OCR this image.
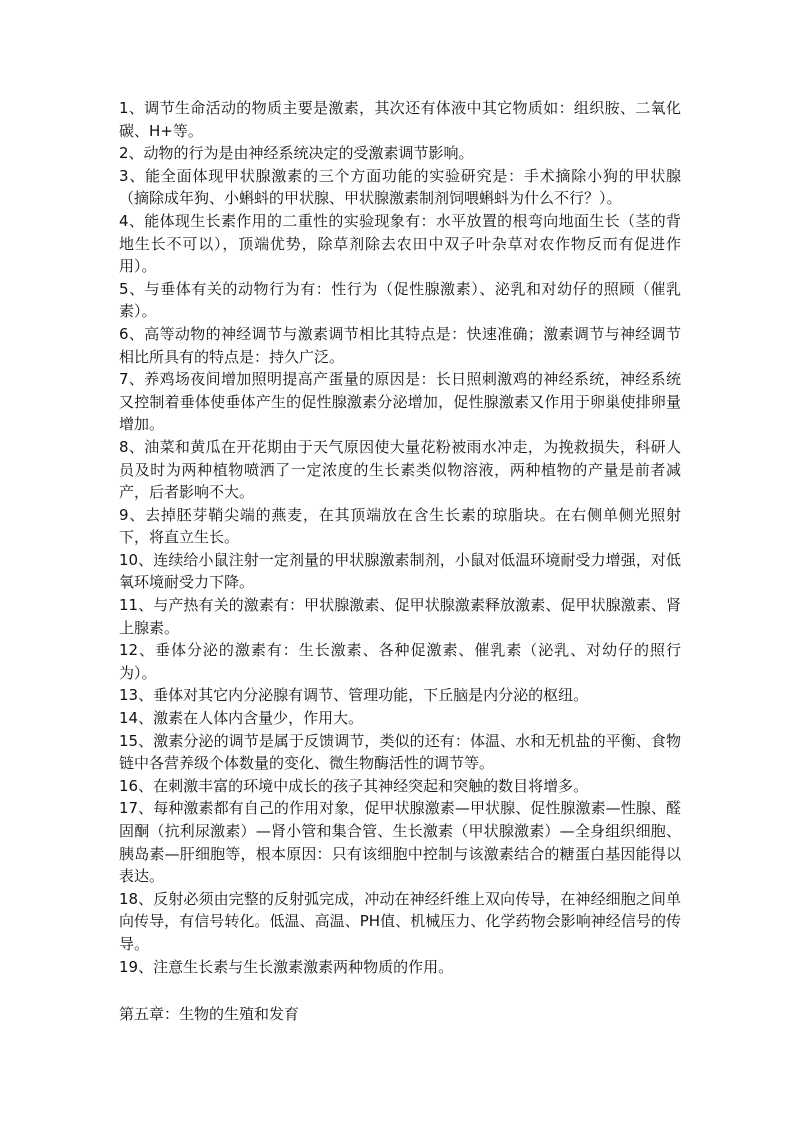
1、调节生命活动的物质主要是激素，其次还有体液中其它物质如：组织胺、二氧化碳、H+等。

2、动物的行为是由神经系统决定的受激素调节影响。

3、能全面体现甲状腺激素的三个方面功能的实验研究是：手术摘除小狗的甲状腺（摘除成年狗、小蝌蚪的甲状腺、甲状腺激素制剂饲喂蝌蚪为什么不行？）。

4、能体现生长素作用的二重性的实验现象有：水平放置的根弯向地面生长（茎的背地生长不可以），顶端优势，除草剂除去农田中双子叶杂草对农作物反而有促进作用）。

5、与垂体有关的动物行为有：性行为（促性腺激素）、泌乳和对幼仔的照顾（催乳素）。

6、高等动物的神经调节与激素调节相比其特点是：快速准确；激素调节与神经调节相比所具有的特点是：持久广泛。

7、养鸡场夜间增加照明提高产蛋量的原因是：长日照刺激鸡的神经系统，神经系统又控制着垂体使垂体产生的促性腺激素分泌增加，促性腺激素又作用于卵巢使排卵量增加。

8、油菜和黄瓜在开花期由于天气原因使大量花粉被雨水冲走，为挽救损失，科研人员及时为两种植物喷洒了一定浓度的生长素类似物溶液，两种植物的产量是前者减产，后者影响不大。

9、去掉胚芽鞘尖端的燕麦，在其顶端放在含生长素的琼脂块。在右侧单侧光照射下，将直立生长。

10、连续给小鼠注射一定剂量的甲状腺激素制剂，小鼠对低温环境耐受力增强，对低氧环境耐受力下降。

11、与产热有关的激素有：甲状腺激素、促甲状腺激素释放激素、促甲状腺激素、肾上腺素。

12、垂体分泌的激素有：生长激素、各种促激素、催乳素（泌乳、对幼仔的照行为）。

13、垂体对其它内分泌腺有调节、管理功能，下丘脑是内分泌的枢纽。

14、激素在人体内含量少，作用大。

15、激素分泌的调节是属于反馈调节，类似的还有：体温、水和无机盐的平衡、食物链中各营养级个体数量的变化、微生物酶活性的调节等。

16、在刺激丰富的环境中成长的孩子其神经突起和突触的数目将增多。

17、每种激素都有自己的作用对象，促甲状腺激素—甲状腺、促性腺激素—性腺、醛固酮（抗利尿激素）—肾小管和集合管、生长激素（甲状腺激素）—全身组织细胞、胰岛素—肝细胞等，根本原因：只有该细胞中控制与该激素结合的糖蛋白基因能得以表达。

18、反射必须由完整的反射弧完成，冲动在神经纤维上双向传导，在神经细胞之间单向传导，有信号转化。低温、高温、PH值、机械压力、化学药物会影响神经信号的传导。

19、注意生长素与生长激素激素两种物质的作用。

第五章：生物的生殖和发育
